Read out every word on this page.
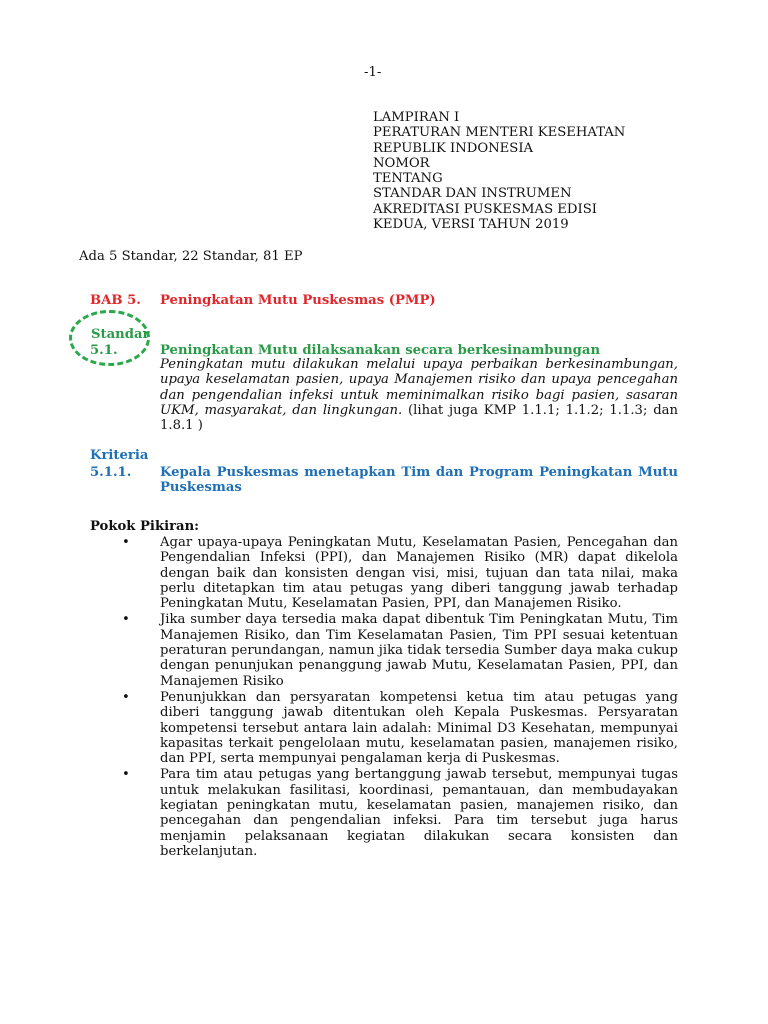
-1-
LAMPIRAN I
PERATURAN MENTERI KESEHATAN
REPUBLIK INDONESIA
NOMOR
TENTANG
STANDAR DAN INSTRUMEN
AKREDITASI PUSKESMAS EDISI
KEDUA, VERSI TAHUN 2019
Ada 5 Standar, 22 Standar, 81 EP
BAB 5. Peningkatan Mutu Puskesmas (PMP)
Standar
5.1.	Peningkatan Mutu dilaksanakan secara berkesinambungan
Peningkatan mutu dilakukan melalui upaya perbaikan berkesinambungan, upaya keselamatan pasien, upaya Manajemen risiko dan upaya pencegahan dan pengendalian infeksi untuk meminimalkan risiko bagi pasien, sasaran UKM, masyarakat, dan lingkungan. (lihat juga KMP 1.1.1; 1.1.2; 1.1.3; dan 1.8.1 )
Kriteria
5.1.1. Kepala Puskesmas menetapkan Tim dan Program Peningkatan Mutu Puskesmas
Pokok Pikiran:
• Agar upaya-upaya Peningkatan Mutu, Keselamatan Pasien, Pencegahan dan Pengendalian Infeksi (PPI), dan Manajemen Risiko (MR) dapat dikelola dengan baik dan konsisten dengan visi, misi, tujuan dan tata nilai, maka perlu ditetapkan tim atau petugas yang diberi tanggung jawab terhadap Peningkatan Mutu, Keselamatan Pasien, PPI, dan Manajemen Risiko.
• Jika sumber daya tersedia maka dapat dibentuk Tim Peningkatan Mutu, Tim Manajemen Risiko, dan Tim Keselamatan Pasien, Tim PPI sesuai ketentuan peraturan perundangan, namun jika tidak tersedia Sumber daya maka cukup dengan penunjukan penanggung jawab Mutu, Keselamatan Pasien, PPI, dan Manajemen Risiko
• Penunjukkan dan persyaratan kompetensi ketua tim atau petugas yang diberi tanggung jawab ditentukan oleh Kepala Puskesmas. Persyaratan kompetensi tersebut antara lain adalah: Minimal D3 Kesehatan, mempunyai kapasitas terkait pengelolaan mutu, keselamatan pasien, manajemen risiko, dan PPI, serta mempunyai pengalaman kerja di Puskesmas.
• Para tim atau petugas yang bertanggung jawab tersebut, mempunyai tugas untuk melakukan fasilitasi, koordinasi, pemantauan, dan membudayakan kegiatan peningkatan mutu, keselamatan pasien, manajemen risiko, dan pencegahan dan pengendalian infeksi. Para tim tersebut juga harus menjamin pelaksanaan kegiatan dilakukan secara konsisten dan berkelanjutan.
